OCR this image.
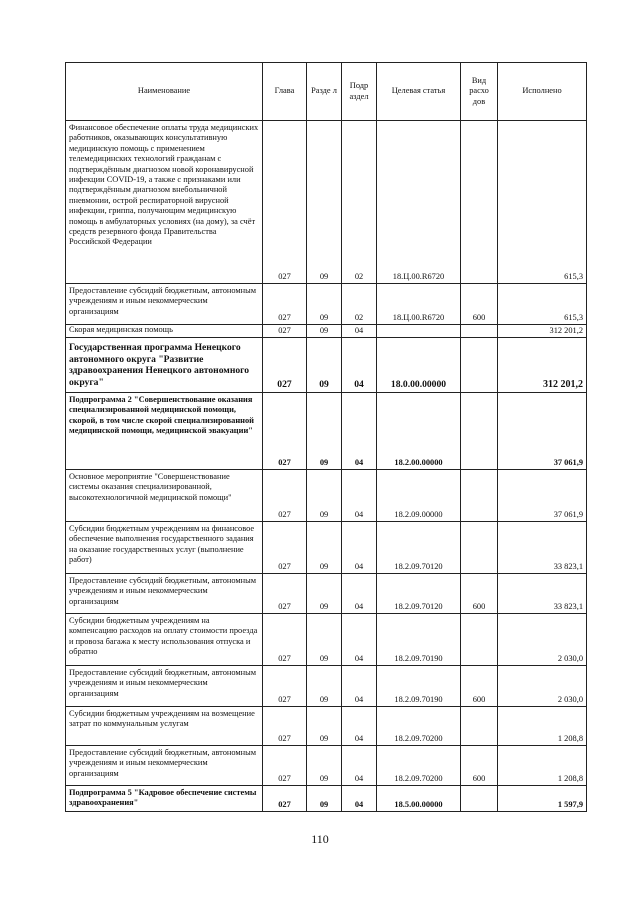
Наименование	Глава	Разде л	Подр аздел	Целевая статья	Вид расхо дов	Исполнено
Финансовое обеспечение оплаты труда медицинских работников, оказывающих консультативную медицинскую помощь с применением телемедицинских технологий гражданам с подтверждённым диагнозом новой коронавирусной инфекции COVID-19, а также с признаками или подтверждённым диагнозом внебольничной пневмонии, острой респираторной вирусной инфекции, гриппа, получающим медицинскую помощь в амбулаторных условиях (на дому), за счёт средств резервного фонда Правительства Российской Федерации	027	09	02	18.Ц.00.R6720		615,3
Предоставление субсидий бюджетным, автономным учреждениям и иным некоммерческим организациям	027	09	02	18.Ц.00.R6720	600	615,3
Скорая медицинская помощь	027	09	04			312 201,2
Государственная программа Ненецкого автономного округа "Развитие здравоохранения Ненецкого автономного округа"	027	09	04	18.0.00.00000		312 201,2
Подпрограмма 2 "Совершенствование оказания специализированной медицинской помощи, скорой, в том числе скорой специализированной медицинской помощи, медицинской эвакуации"	027	09	04	18.2.00.00000		37 061,9
Основное мероприятие "Совершенствование системы оказания специализированной, высокотехнологичной медицинской помощи"	027	09	04	18.2.09.00000		37 061,9
Субсидии бюджетным учреждениям на финансовое обеспечение выполнения государственного задания на оказание государственных услуг (выполнение работ)	027	09	04	18.2.09.70120		33 823,1
Предоставление субсидий бюджетным, автономным учреждениям и иным некоммерческим организациям	027	09	04	18.2.09.70120	600	33 823,1
Субсидии бюджетным учреждениям на компенсацию расходов на оплату стоимости проезда и провоза багажа к месту использования отпуска и обратно	027	09	04	18.2.09.70190		2 030,0
Предоставление субсидий бюджетным, автономным учреждениям и иным некоммерческим организациям	027	09	04	18.2.09.70190	600	2 030,0
Субсидии бюджетным учреждениям на возмещение затрат по коммунальным услугам	027	09	04	18.2.09.70200		1 208,8
Предоставление субсидий бюджетным, автономным учреждениям и иным некоммерческим организациям	027	09	04	18.2.09.70200	600	1 208,8
Подпрограмма 5 "Кадровое обеспечение системы здравоохранения"	027	09	04	18.5.00.00000		1 597,9
110
